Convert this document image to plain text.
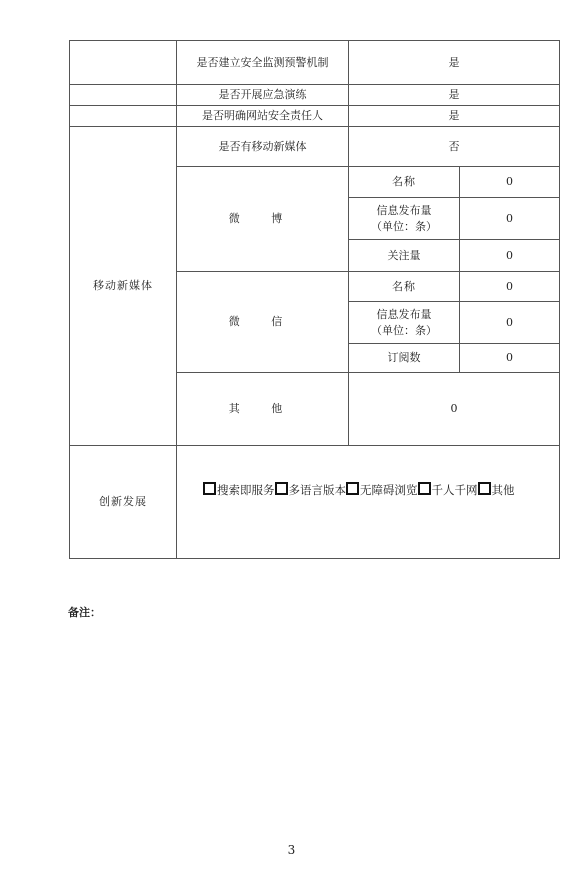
	是否建立安全监测预警机制	是	
	是否开展应急演练	是	
	是否明确网站安全责任人	是	
移动新媒体	是否有移动新媒体	否	
	微 博	名称	0

		信息发布量
（单位：条）	0
		关注量	0
	微 信	名称	0

		信息发布量
（单位：条）	0
		订阅数	0
	其 他	0	
创新发展	搜索即服务 多语言版本 无障碍浏览 千人千网 其他		
备注：
3
